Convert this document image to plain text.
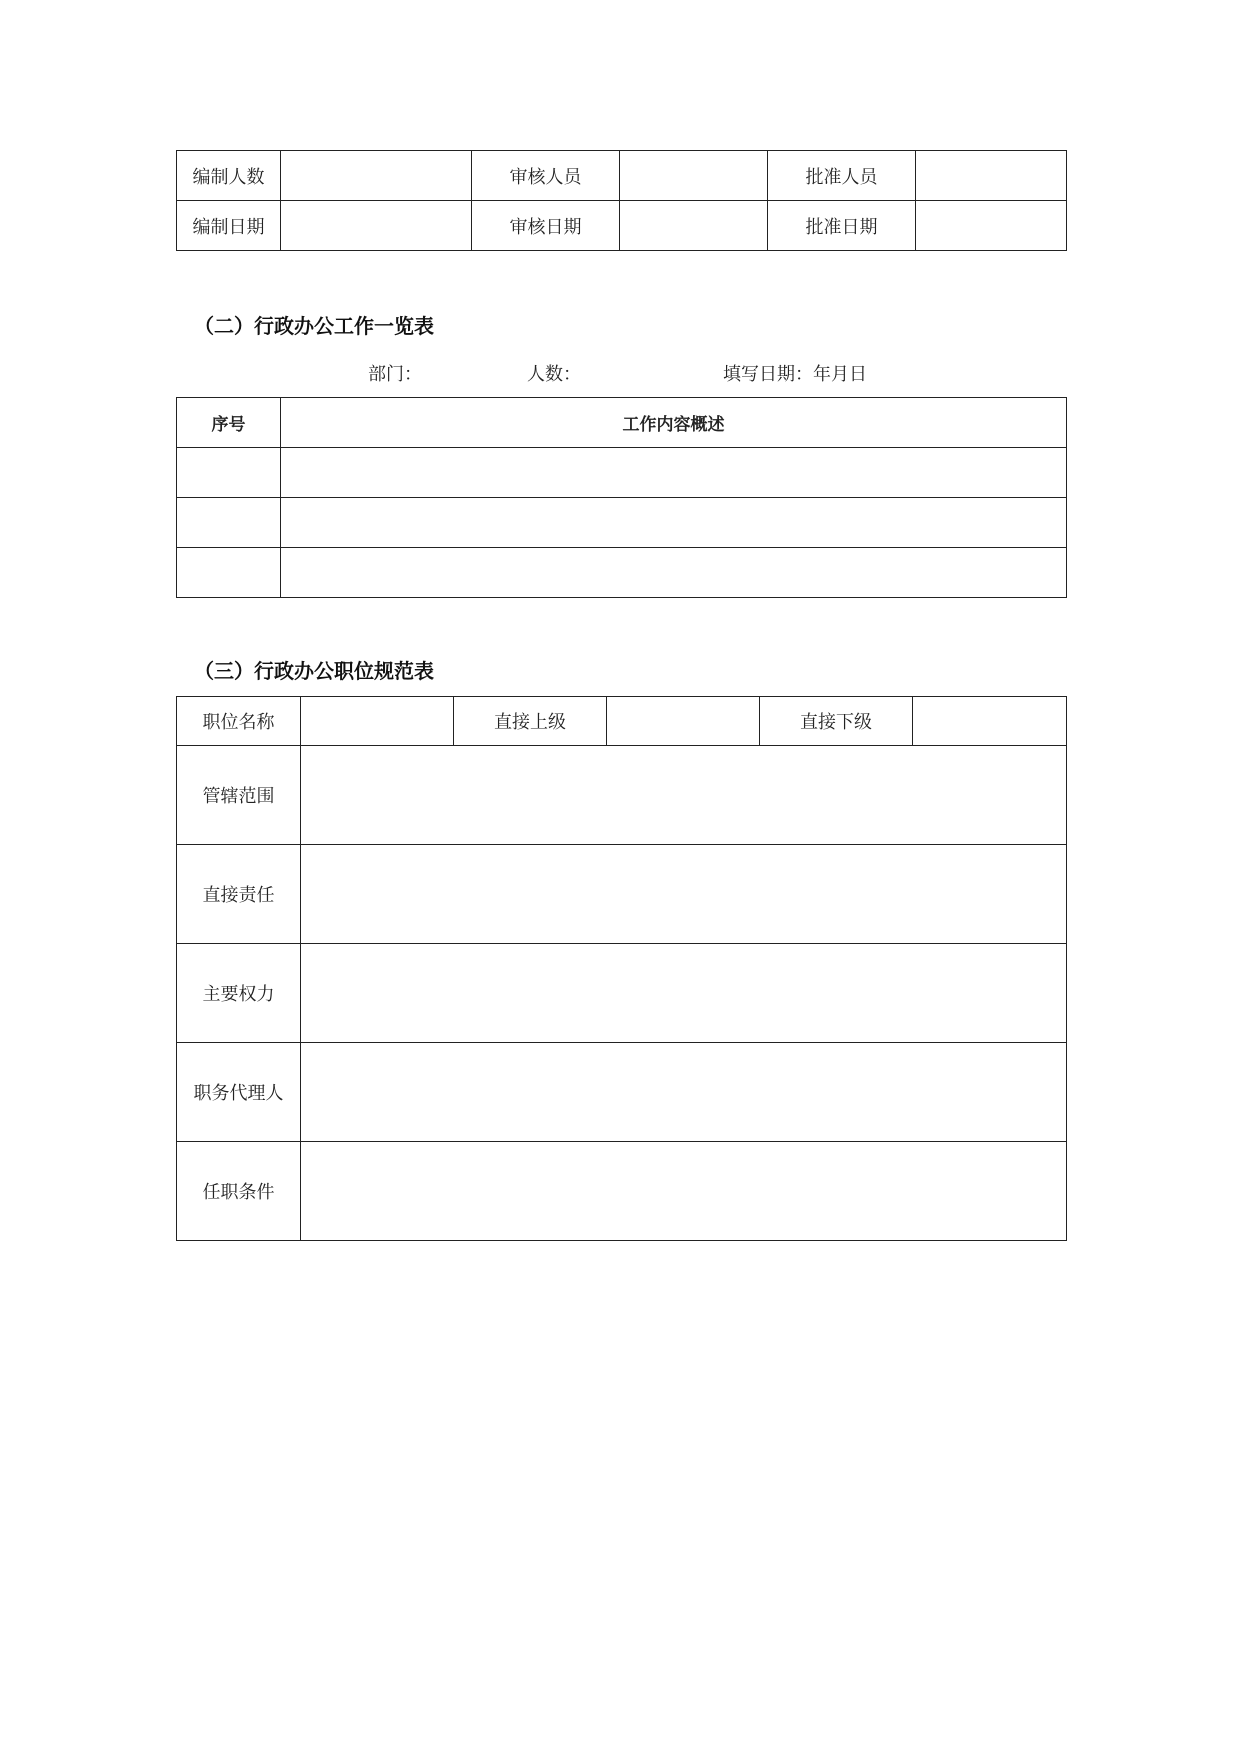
编制人数		审核人员		批准人员	
编制日期		审核日期		批准日期	
（二）行政办公工作一览表
部门：	人数：	填写日期：年月日
序号	工作内容概述

（三）行政办公职位规范表
职位名称		直接上级		直接下级	
管辖范围					
直接责任					
主要权力					
职务代理人					
任职条件					
